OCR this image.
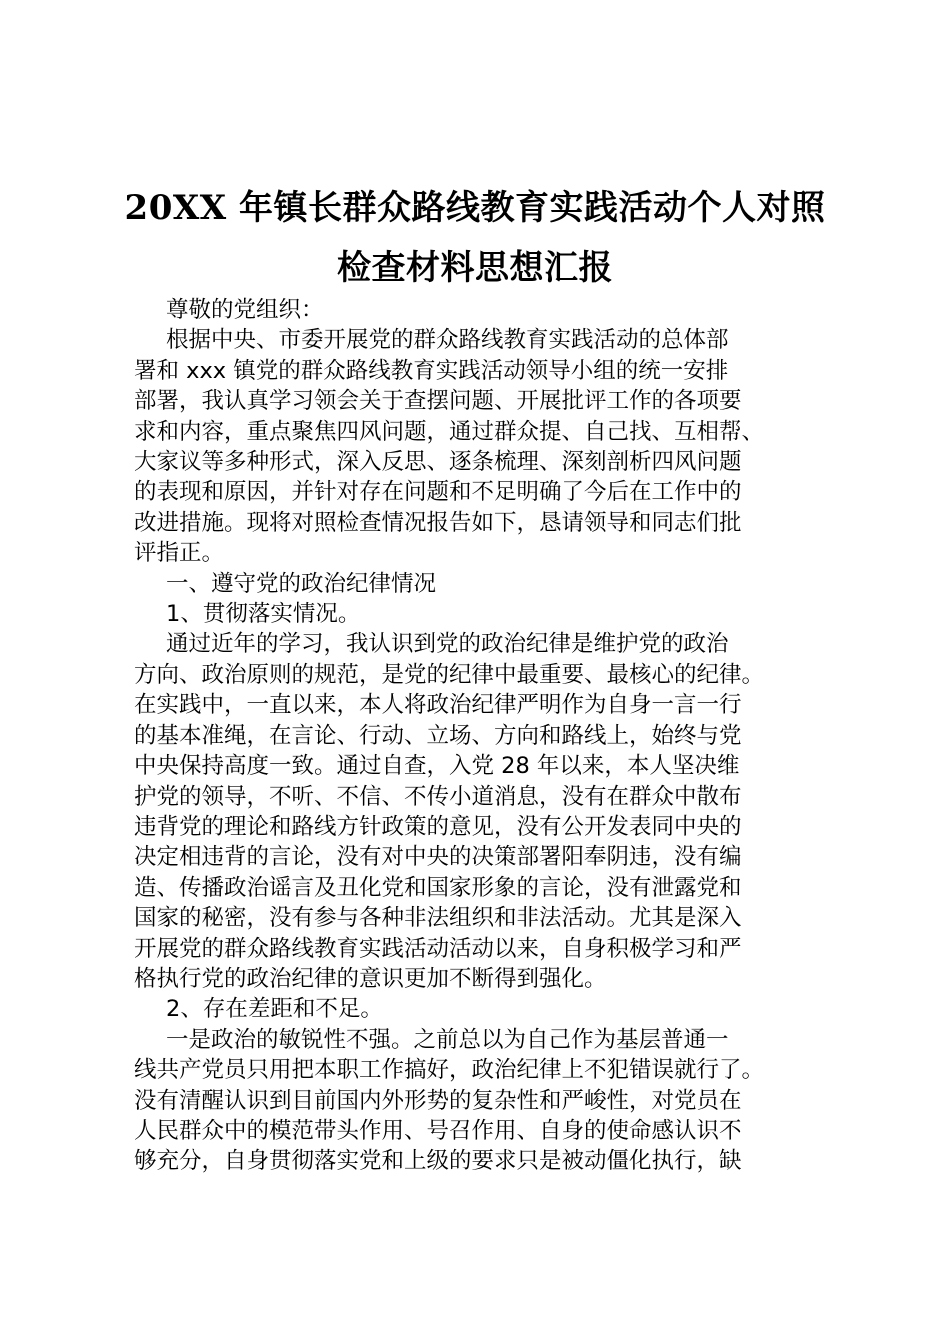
20XX 年镇长群众路线教育实践活动个人对照
检查材料思想汇报

尊敬的党组织：

根据中央、市委开展党的群众路线教育实践活动的总体部
署和 xxx 镇党的群众路线教育实践活动领导小组的统一安排
部署，我认真学习领会关于查摆问题、开展批评工作的各项要
求和内容，重点聚焦四风问题，通过群众提、自己找、互相帮、
大家议等多种形式，深入反思、逐条梳理、深刻剖析四风问题
的表现和原因，并针对存在问题和不足明确了今后在工作中的
改进措施。现将对照检查情况报告如下，恳请领导和同志们批
评指正。

一、遵守党的政治纪律情况

1、贯彻落实情况。

通过近年的学习，我认识到党的政治纪律是维护党的政治
方向、政治原则的规范，是党的纪律中最重要、最核心的纪律。
在实践中，一直以来，本人将政治纪律严明作为自身一言一行
的基本准绳，在言论、行动、立场、方向和路线上，始终与党
中央保持高度一致。通过自查，入党 28 年以来，本人坚决维
护党的领导，不听、不信、不传小道消息，没有在群众中散布
违背党的理论和路线方针政策的意见，没有公开发表同中央的
决定相违背的言论，没有对中央的决策部署阳奉阴违，没有编
造、传播政治谣言及丑化党和国家形象的言论，没有泄露党和
国家的秘密，没有参与各种非法组织和非法活动。尤其是深入
开展党的群众路线教育实践活动活动以来，自身积极学习和严
格执行党的政治纪律的意识更加不断得到强化。

2、存在差距和不足。

一是政治的敏锐性不强。之前总以为自己作为基层普通一
线共产党员只用把本职工作搞好，政治纪律上不犯错误就行了。
没有清醒认识到目前国内外形势的复杂性和严峻性，对党员在
人民群众中的模范带头作用、号召作用、自身的使命感认识不
够充分，自身贯彻落实党和上级的要求只是被动僵化执行，缺
